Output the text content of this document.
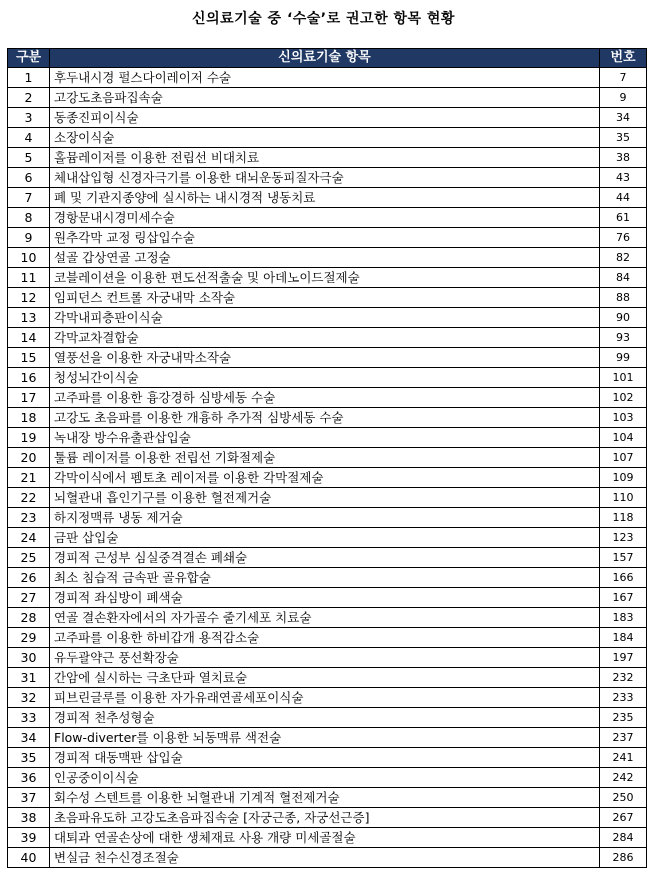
신의료기술 중 ‘수술’로 권고한 항목 현황
구분	신의료기술 항목	번호
1	후두내시경 펄스다이레이저 수술	7
2	고강도초음파집속술	9
3	동종진피이식술	34
4	소장이식술	35
5	홀뮴레이저를 이용한 전립선 비대치료	38
6	체내삽입형 신경자극기를 이용한 대뇌운동피질자극술	43
7	폐 및 기관지종양에 실시하는 내시경적 냉동치료	44
8	경항문내시경미세수술	61
9	원추각막 교정 링삽입수술	76
10	설골 갑상연골 고정술	82
11	코블레이션을 이용한 편도선적출술 및 아데노이드절제술	84
12	임피던스 컨트롤 자궁내막 소작술	88
13	각막내피층판이식술	90
14	각막교차결합술	93
15	열풍선을 이용한 자궁내막소작술	99
16	청성뇌간이식술	101
17	고주파를 이용한 흉강경하 심방세동 수술	102
18	고강도 초음파를 이용한 개흉하 추가적 심방세동 수술	103
19	녹내장 방수유출관삽입술	104
20	툴륨 레이저를 이용한 전립선 기화절제술	107
21	각막이식에서 펨토초 레이저를 이용한 각막절제술	109
22	뇌혈관내 흡인기구를 이용한 혈전제거술	110
23	하지정맥류 냉동 제거술	118
24	금판 삽입술	123
25	경피적 근성부 심실중격결손 폐쇄술	157
26	최소 침습적 금속판 골유합술	166
27	경피적 좌심방이 폐색술	167
28	연골 결손환자에서의 자가골수 줄기세포 치료술	183
29	고주파를 이용한 하비갑개 용적감소술	184
30	유두괄약근 풍선확장술	197
31	간암에 실시하는 극초단파 열치료술	232
32	피브린글루를 이용한 자가유래연골세포이식술	233
33	경피적 천추성형술	235
34	Flow-diverter를 이용한 뇌동맥류 색전술	237
35	경피적 대동맥판 삽입술	241
36	인공중이이식술	242
37	회수성 스텐트를 이용한 뇌혈관내 기계적 혈전제거술	250
38	초음파유도하 고강도초음파집속술 [자궁근종, 자궁선근증]	267
39	대퇴과 연골손상에 대한 생체재료 사용 개량 미세골절술	284
40	변실금 천수신경조절술	286
